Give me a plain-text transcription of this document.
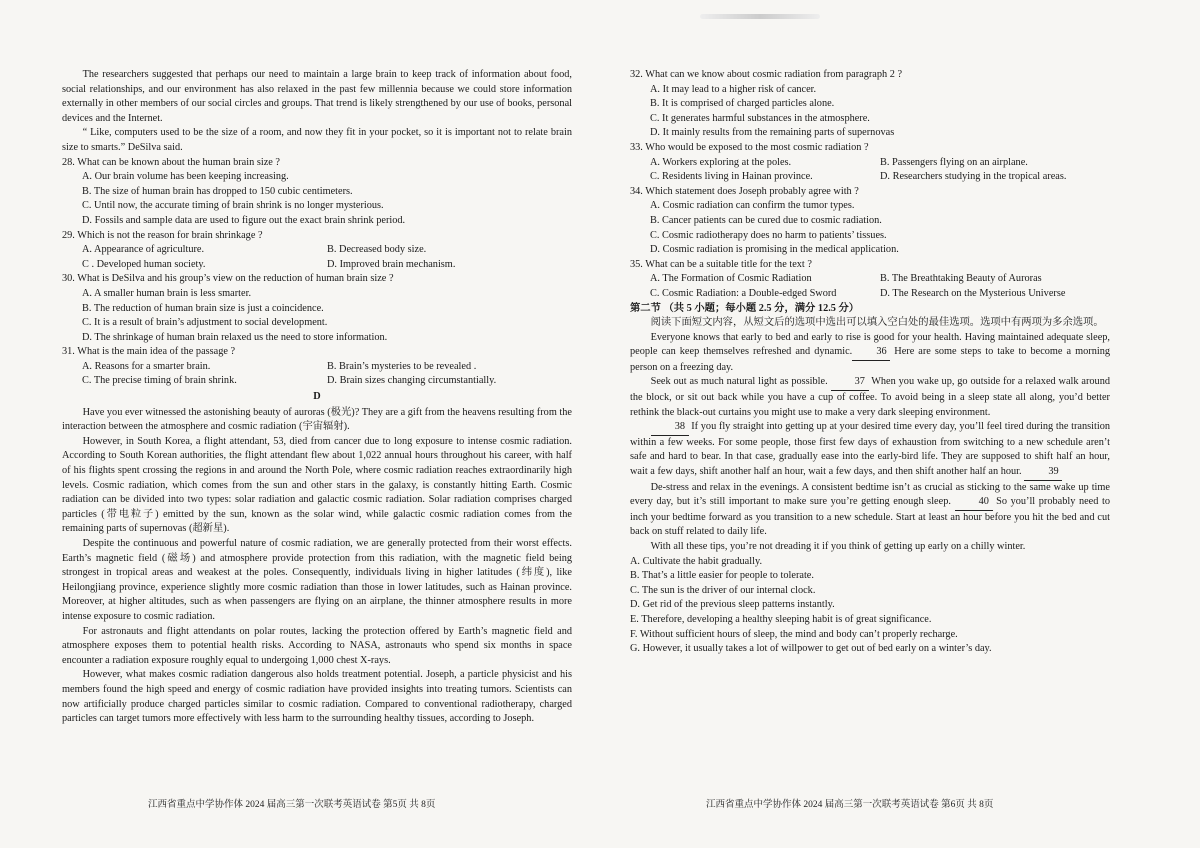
The researchers suggested that perhaps our need to maintain a large brain to keep track of information about food, social relationships, and our environment has also relaxed in the past few millennia because we could store information externally in other members of our social circles and groups. That trend is likely strengthened by our use of books, personal devices and the Internet.

“ Like, computers used to be the size of a room, and now they fit in your pocket, so it is important not to relate brain size to smarts.” DeSilva said.

28. What can be known about the human brain size ?

A. Our brain volume has been keeping increasing.

B. The size of human brain has dropped to 150 cubic centimeters.

C. Until now, the accurate timing of brain shrink is no longer mysterious.

D. Fossils and sample data are used to figure out the exact brain shrink period.

29. Which is not the reason for brain shrinkage ?

A. Appearance of agriculture.	B. Decreased body size.
C . Developed human society.	D. Improved brain mechanism.

30. What is DeSilva and his group’s view on the reduction of human brain size ?

A. A smaller human brain is less smarter.

B. The reduction of human brain size is just a coincidence.

C. It is a result of brain’s adjustment to social development.

D. The shrinkage of human brain relaxed us the need to store information.

31. What is the main idea of the passage ?

A. Reasons for a smarter brain.	B. Brain’s mysteries to be revealed .
C. The precise timing of brain shrink.	D. Brain sizes changing circumstantially.

D

Have you ever witnessed the astonishing beauty of auroras (极光)? They are a gift from the heavens resulting from the interaction between the atmosphere and cosmic radiation (宇宙辐射).

However, in South Korea, a flight attendant, 53, died from cancer due to long exposure to intense cosmic radiation. According to South Korean authorities, the flight attendant flew about 1,022 annual hours throughout his career, with half of his flights spent crossing the regions in and around the North Pole, where cosmic radiation reaches extraordinarily high levels. Cosmic radiation, which comes from the sun and other stars in the galaxy, is constantly hitting Earth. Cosmic radiation can be divided into two types: solar radiation and galactic cosmic radiation. Solar radiation comprises charged particles (带电粒子) emitted by the sun, known as the solar wind, while galactic cosmic radiation comes from the remaining parts of supernovas (超新星).

Despite the continuous and powerful nature of cosmic radiation, we are generally protected from their worst effects. Earth’s magnetic field (磁场) and atmosphere provide protection from this radiation, with the magnetic field being strongest in tropical areas and weakest at the poles. Consequently, individuals living in higher latitudes (纬度), like Heilongjiang province, experience slightly more cosmic radiation than those in lower latitudes, such as Hainan province. Moreover, at higher altitudes, such as when passengers are flying on an airplane, the thinner atmosphere results in more intense exposure to cosmic radiation.

For astronauts and flight attendants on polar routes, lacking the protection offered by Earth’s magnetic field and atmosphere exposes them to potential health risks. According to NASA, astronauts who spend six months in space encounter a radiation exposure roughly equal to undergoing 1,000 chest X-rays.

However, what makes cosmic radiation dangerous also holds treatment potential. Joseph, a particle physicist and his members found the high speed and energy of cosmic radiation have provided insights into treating tumors. Scientists can now artificially produce charged particles similar to cosmic radiation. Compared to conventional radiotherapy, charged particles can target tumors more effectively with less harm to the surrounding healthy tissues, according to Joseph.

32. What can we know about cosmic radiation from paragraph 2 ?

A. It may lead to a higher risk of cancer.

B. It is comprised of charged particles alone.

C. It generates harmful substances in the atmosphere.

D. It mainly results from the remaining parts of supernovas

33. Who would be exposed to the most cosmic radiation ?

A. Workers exploring at the poles.	B. Passengers flying on an airplane.
C. Residents living in Hainan province.	D. Researchers studying in the tropical areas.

34. Which statement does Joseph probably agree with ?

A. Cosmic radiation can confirm the tumor types.

B. Cancer patients can be cured due to cosmic radiation.

C. Cosmic radiotherapy does no harm to patients’ tissues.

D. Cosmic radiation is promising in the medical application.

35. What can be a suitable title for the text ?

A. The Formation of Cosmic Radiation	B. The Breathtaking Beauty of Auroras
C. Cosmic Radiation: a Double-edged Sword	D. The Research on the Mysterious Universe

第二节 （共 5 小题；每小题 2.5 分，满分 12.5 分）

阅读下面短文内容，从短文后的选项中选出可以填入空白处的最佳选项。选项中有两项为多余选项。

Everyone knows that early to bed and early to rise is good for your health. Having maintained adequate sleep, people can keep themselves refreshed and dynamic. 36 Here are some steps to take to become a morning person on a freezing day.

Seek out as much natural light as possible. 37 When you wake up, go outside for a relaxed walk around the block, or sit out back while you have a cup of coffee. To avoid being in a sleep state all along, you’d better rethink the black-out curtains you might use to make a very dark sleeping environment.

38 If you fly straight into getting up at your desired time every day, you’ll feel tired during the transition within a few weeks. For some people, those first few days of exhaustion from switching to a new schedule aren’t safe and hard to bear. In that case, gradually ease into the early-bird life. They are supposed to shift half an hour, wait a few days, shift another half an hour, wait a few days, and then shift another half an hour.	39

De-stress and relax in the evenings. A consistent bedtime isn’t as crucial as sticking to the same wake up time every day, but it’s still important to make sure you’re getting enough sleep. 40 So you’ll probably need to inch your bedtime forward as you transition to a new schedule. Start at least an hour before you hit the bed and cut back on stuff related to daily life.

With all these tips, you’re not dreading it if you think of getting up early on a chilly winter.

A. Cultivate the habit gradually.

B. That’s a little easier for people to tolerate.

C. The sun is the driver of our internal clock.

D. Get rid of the previous sleep patterns instantly.

E. Therefore, developing a healthy sleeping habit is of great significance.

F. Without sufficient hours of sleep, the mind and body can’t properly recharge.

G. However, it usually takes a lot of willpower to get out of bed early on a winter’s day.

江西省重点中学协作体 2024 届高三第一次联考英语试卷 第5页 共 8页	江西省重点中学协作体 2024 届高三第一次联考英语试卷 第6页 共 8页
